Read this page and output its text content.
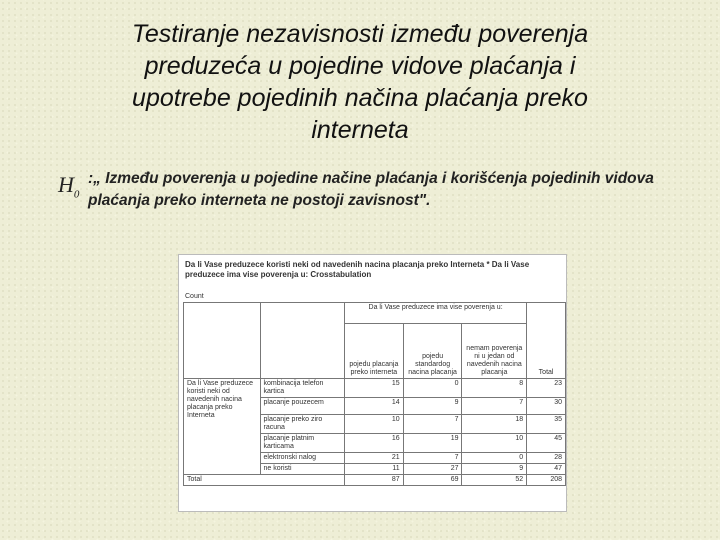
Testiranje nezavisnosti između poverenja
preduzeća u pojedine vidove plaćanja i
upotrebe pojedinih načina plaćanja preko
interneta
$H_0$
:„ Između poverenja u pojedine načine plaćanja i korišćenja pojedinih vidova plaćanja preko interneta ne postoji zavisnost".
Da li Vase preduzece koristi neki od navedenih nacina placanja preko Interneta * Da li Vase
preduzece ima vise poverenja u: Crosstabulation
Count
		Da li Vase preduzece ima vise poverenja u:			
		pojedu placanja preko interneta	pojedu standardog nacina placanja	nemam poverenja ni u jedan od navedenih nacina placanja	Total
Da li Vase preduzece koristi neki od navedenih nacina placanja preko Interneta	kombinacija telefon kartica	15	0	8	23
	placanje pouzecem	14	9	7	30
	placanje preko ziro racuna	10	7	18	35
	placanje platnim karticama	16	19	10	45
	elektronski nalog	21	7	0	28
	ne koristi	11	27	9	47
Total		87	69	52	208
